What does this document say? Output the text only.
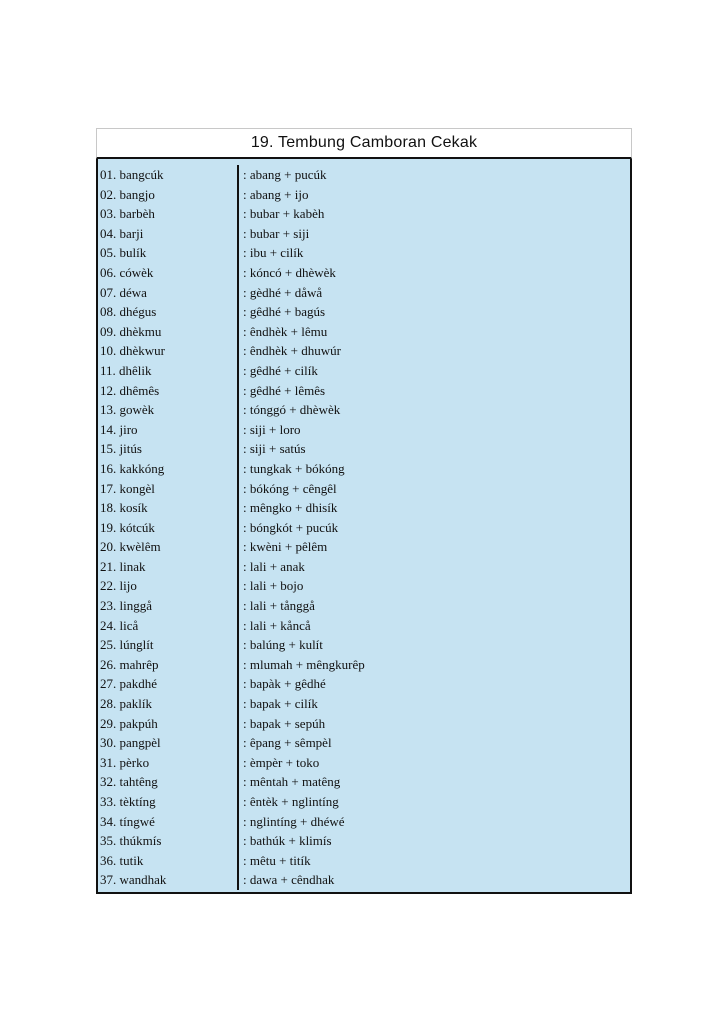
19. Tembung Camboran Cekak
01. bangcúk
02. bangjo
03. barbèh
04. barji
05. bulík
06. cówèk
07. déwa
08. dhégus
09. dhèkmu
10. dhèkwur
11. dhêlik
12. dhêmês
13. gowèk
14. jiro
15. jitús
16. kakkóng
17. kongèl
18. kosík
19. kótcúk
20. kwèlêm
21. linak
22. lijo
23. linggå
24. licå
25. lúnglít
26. mahrêp
27. pakdhé
28. paklík
29. pakpúh
30. pangpèl
31. pèrko
32. tahtêng
33. tèktíng
34. tíngwé
35. thúkmís
36. tutik
37. wandhak
: abang + pucúk
: abang + ijo
: bubar + kabèh
: bubar + siji
: ibu + cilík
: kóncó + dhèwèk
: gèdhé + dåwå
: gêdhé + bagús
: êndhèk + lêmu
: êndhèk + dhuwúr
: gêdhé + cilík
: gêdhé + lêmês
: tónggó + dhèwèk
: siji + loro
: siji + satús
: tungkak + bókóng
: bókóng + cêngêl
: mêngko + dhisík
: bóngkót + pucúk
: kwèni + pêlêm
: lali + anak
: lali + bojo
: lali + tånggå
: lali + kåncå
: balúng + kulít
: mlumah + mêngkurêp
: bapàk + gêdhé
: bapak + cilík
: bapak + sepúh
: êpang + sêmpèl
: èmpèr + toko
: mêntah + matêng
: êntèk + nglintíng
: nglintíng + dhéwé
: bathúk + klimís
: mêtu + titík
: dawa + cêndhak
